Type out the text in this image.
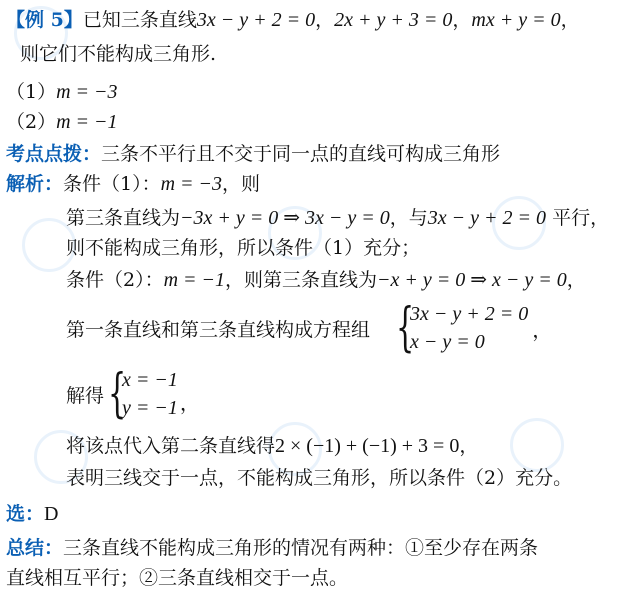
【例 5】已知三条直线3x − y + 2 = 0，2x + y + 3 = 0，mx + y = 0，
则它们不能构成三角形.
（1）m = −3
（2）m = −1
考点点拨：三条不平行且不交于同一点的直线可构成三角形
解析：条件（1）：m = −3，则
第三条直线为−3x + y = 0 ⇒ 3x − y = 0，与3x − y + 2 = 0 平行，
则不能构成三角形，所以条件（1）充分；
条件（2）：m = −1，则第三条直线为−x + y = 0 ⇒ x − y = 0，
第一条直线和第三条直线构成方程组 {
3x − y + 2 = 0
x − y = 0
，
解得 {
x = −1
y = −1 ，
将该点代入第二条直线得2 × (−1) + (−1) + 3 = 0，
表明三线交于一点，不能构成三角形，所以条件（2）充分。
选：D
总结：三条直线不能构成三角形的情况有两种：①至少存在两条
直线相互平行；②三条直线相交于一点。
